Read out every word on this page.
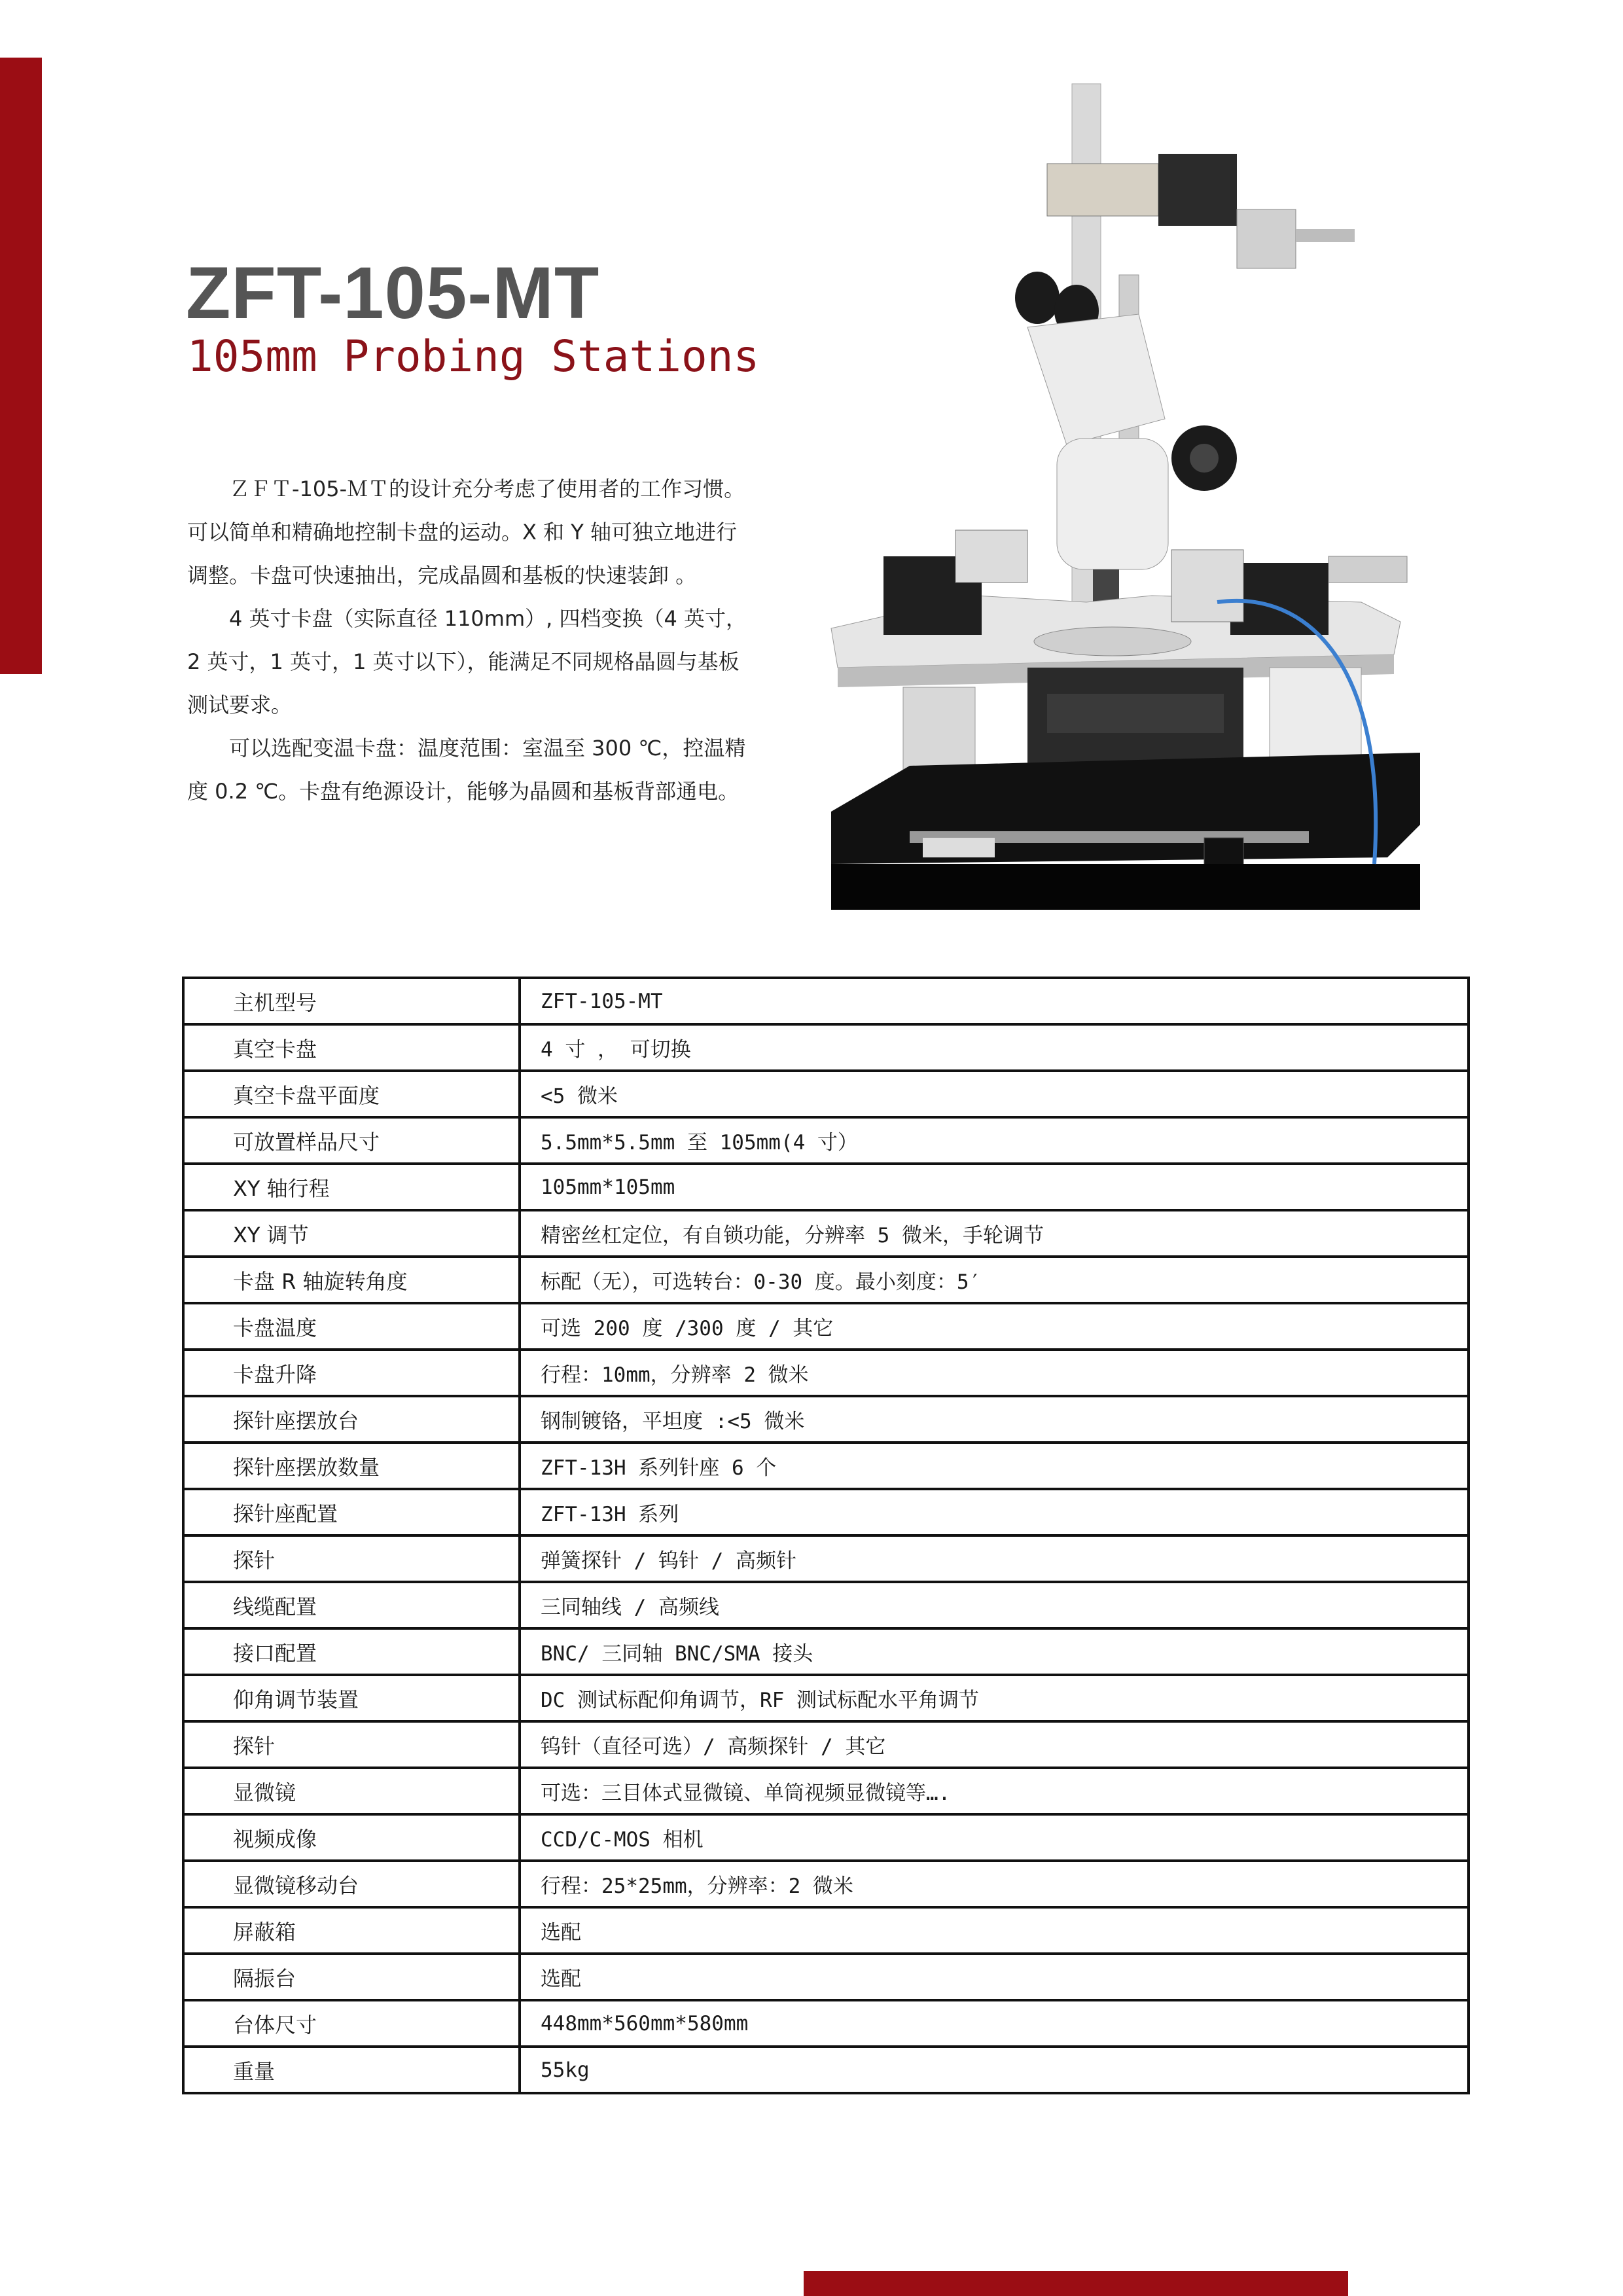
ZFT-105-MT
105mm Probing Stations

ＺＦＴ-105-ＭＴ的设计充分考虑了使用者的工作习惯。可以简单和精确地控制卡盘的运动。X 和 Y 轴可独立地进行调整。卡盘可快速抽出，完成晶圆和基板的快速装卸 。

4 英寸卡盘（实际直径 110mm）, 四档变换（4 英寸，2 英寸，1 英寸，1 英寸以下），能满足不同规格晶圆与基板测试要求。

可以选配变温卡盘：温度范围：室温至 300 ℃，控温精度 0.2 ℃。卡盘有绝源设计，能够为晶圆和基板背部通电。

主机型号	ZFT-105-MT
真空卡盘	4 寸 ， 可切换
真空卡盘平面度	<5 微米
可放置样品尺寸	5.5mm*5.5mm 至 105mm(4 寸）
XY 轴行程	105mm*105mm
XY 调节	精密丝杠定位，有自锁功能，分辨率 5 微米，手轮调节
卡盘 R 轴旋转角度	标配（无），可选转台：0-30 度。最小刻度：5′
卡盘温度	可选 200 度 /300 度 / 其它
卡盘升降	行程：10mm，分辨率 2 微米
探针座摆放台	钢制镀铬，平坦度 :<5 微米
探针座摆放数量	ZFT-13H 系列针座 6 个
探针座配置	ZFT-13H 系列
探针	弹簧探针 / 钨针 / 高频针
线缆配置	三同轴线 / 高频线
接口配置	BNC/ 三同轴 BNC/SMA 接头
仰角调节装置	DC 测试标配仰角调节，RF 测试标配水平角调节
探针	钨针（直径可选）/ 高频探针 / 其它
显微镜	可选：三目体式显微镜、单筒视频显微镜等….
视频成像	CCD/C-MOS 相机
显微镜移动台	行程：25*25mm，分辨率：2 微米
屏蔽箱	选配
隔振台	选配
台体尺寸	448mm*560mm*580mm
重量	55kg
